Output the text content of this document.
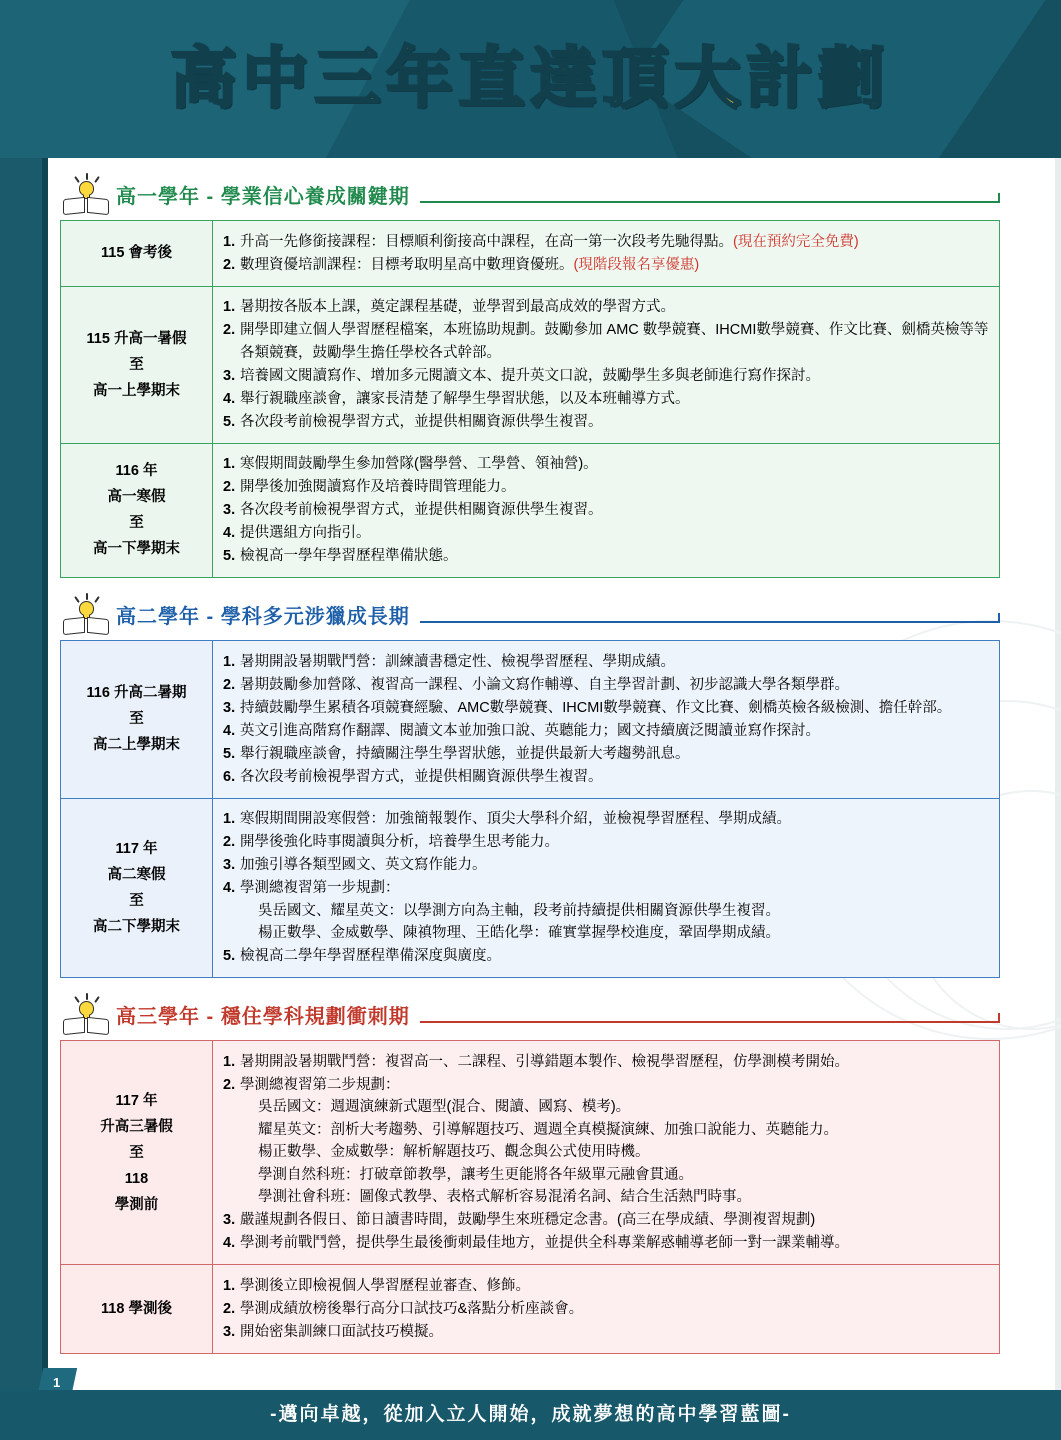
高中三年直達頂大計劃
高一學年 - 學業信心養成關鍵期
115 會考後	
1. 升高一先修銜接課程：目標順利銜接高中課程，在高一第一次段考先馳得點。(現在預約完全免費)
2. 數理資優培訓課程：目標考取明星高中數理資優班。(現階段報名享優惠)

115 升高一暑假
至
高一上學期末	
1. 暑期按各版本上課，奠定課程基礎，並學習到最高成效的學習方式。
2. 開學即建立個人學習歷程檔案，本班協助規劃。鼓勵參加 AMC 數學競賽、IHCMI數學競賽、作文比賽、劍橋英檢等等各類競賽，鼓勵學生擔任學校各式幹部。
3. 培養國文閱讀寫作、增加多元閱讀文本、提升英文口說，鼓勵學生多與老師進行寫作探討。
4. 舉行親職座談會，讓家長清楚了解學生學習狀態，以及本班輔導方式。
5. 各次段考前檢視學習方式，並提供相關資源供學生複習。

116 年
高一寒假
至
高一下學期末	
1. 寒假期間鼓勵學生參加營隊(醫學營、工學營、領袖營)。
2. 開學後加強閱讀寫作及培養時間管理能力。
3. 各次段考前檢視學習方式，並提供相關資源供學生複習。
4. 提供選組方向指引。
5. 檢視高一學年學習歷程準備狀態。
高二學年 - 學科多元涉獵成長期
116 升高二暑期
至
高二上學期末	
1. 暑期開設暑期戰鬥營：訓練讀書穩定性、檢視學習歷程、學期成績。
2. 暑期鼓勵參加營隊、複習高一課程、小論文寫作輔導、自主學習計劃、初步認識大學各類學群。
3. 持續鼓勵學生累積各項競賽經驗、AMC數學競賽、IHCMI數學競賽、作文比賽、劍橋英檢各級檢測、擔任幹部。
4. 英文引進高階寫作翻譯、閱讀文本並加強口說、英聽能力；國文持續廣泛閱讀並寫作探討。
5. 舉行親職座談會，持續關注學生學習狀態，並提供最新大考趨勢訊息。
6. 各次段考前檢視學習方式，並提供相關資源供學生複習。

117 年
高二寒假
至
高二下學期末	
1. 寒假期間開設寒假營：加強簡報製作、頂尖大學科介紹，並檢視學習歷程、學期成績。
2. 開學後強化時事閱讀與分析，培養學生思考能力。
3. 加強引導各類型國文、英文寫作能力。
4. 學測總複習第一步規劃：
吳岳國文、耀星英文：以學測方向為主軸，段考前持續提供相關資源供學生複習。
楊正數學、金威數學、陳禛物理、王皓化學：確實掌握學校進度，鞏固學期成績。
5. 檢視高二學年學習歷程準備深度與廣度。
高三學年 - 穩住學科規劃衝刺期
117 年
升高三暑假
至
118
學測前	
1. 暑期開設暑期戰鬥營：複習高一、二課程、引導錯題本製作、檢視學習歷程，仿學測模考開始。
2. 學測總複習第二步規劃：
吳岳國文：週週演練新式題型(混合、閱讀、國寫、模考)。
耀星英文：剖析大考趨勢、引導解題技巧、週週全真模擬演練、加強口說能力、英聽能力。
楊正數學、金威數學：解析解題技巧、觀念與公式使用時機。
學測自然科班：打破章節教學，讓考生更能將各年級單元融會貫通。
學測社會科班：圖像式教學、表格式解析容易混淆名詞、結合生活熱門時事。
3. 嚴謹規劃各假日、節日讀書時間，鼓勵學生來班穩定念書。(高三在學成績、學測複習規劃)
4. 學測考前戰鬥營，提供學生最後衝刺最佳地方，並提供全科專業解惑輔導老師一對一課業輔導。

118 學測後	
1. 學測後立即檢視個人學習歷程並審查、修飾。
2. 學測成績放榜後舉行高分口試技巧&落點分析座談會。
3. 開始密集訓練口面試技巧模擬。
1
-邁向卓越，從加入立人開始，成就夢想的高中學習藍圖-
